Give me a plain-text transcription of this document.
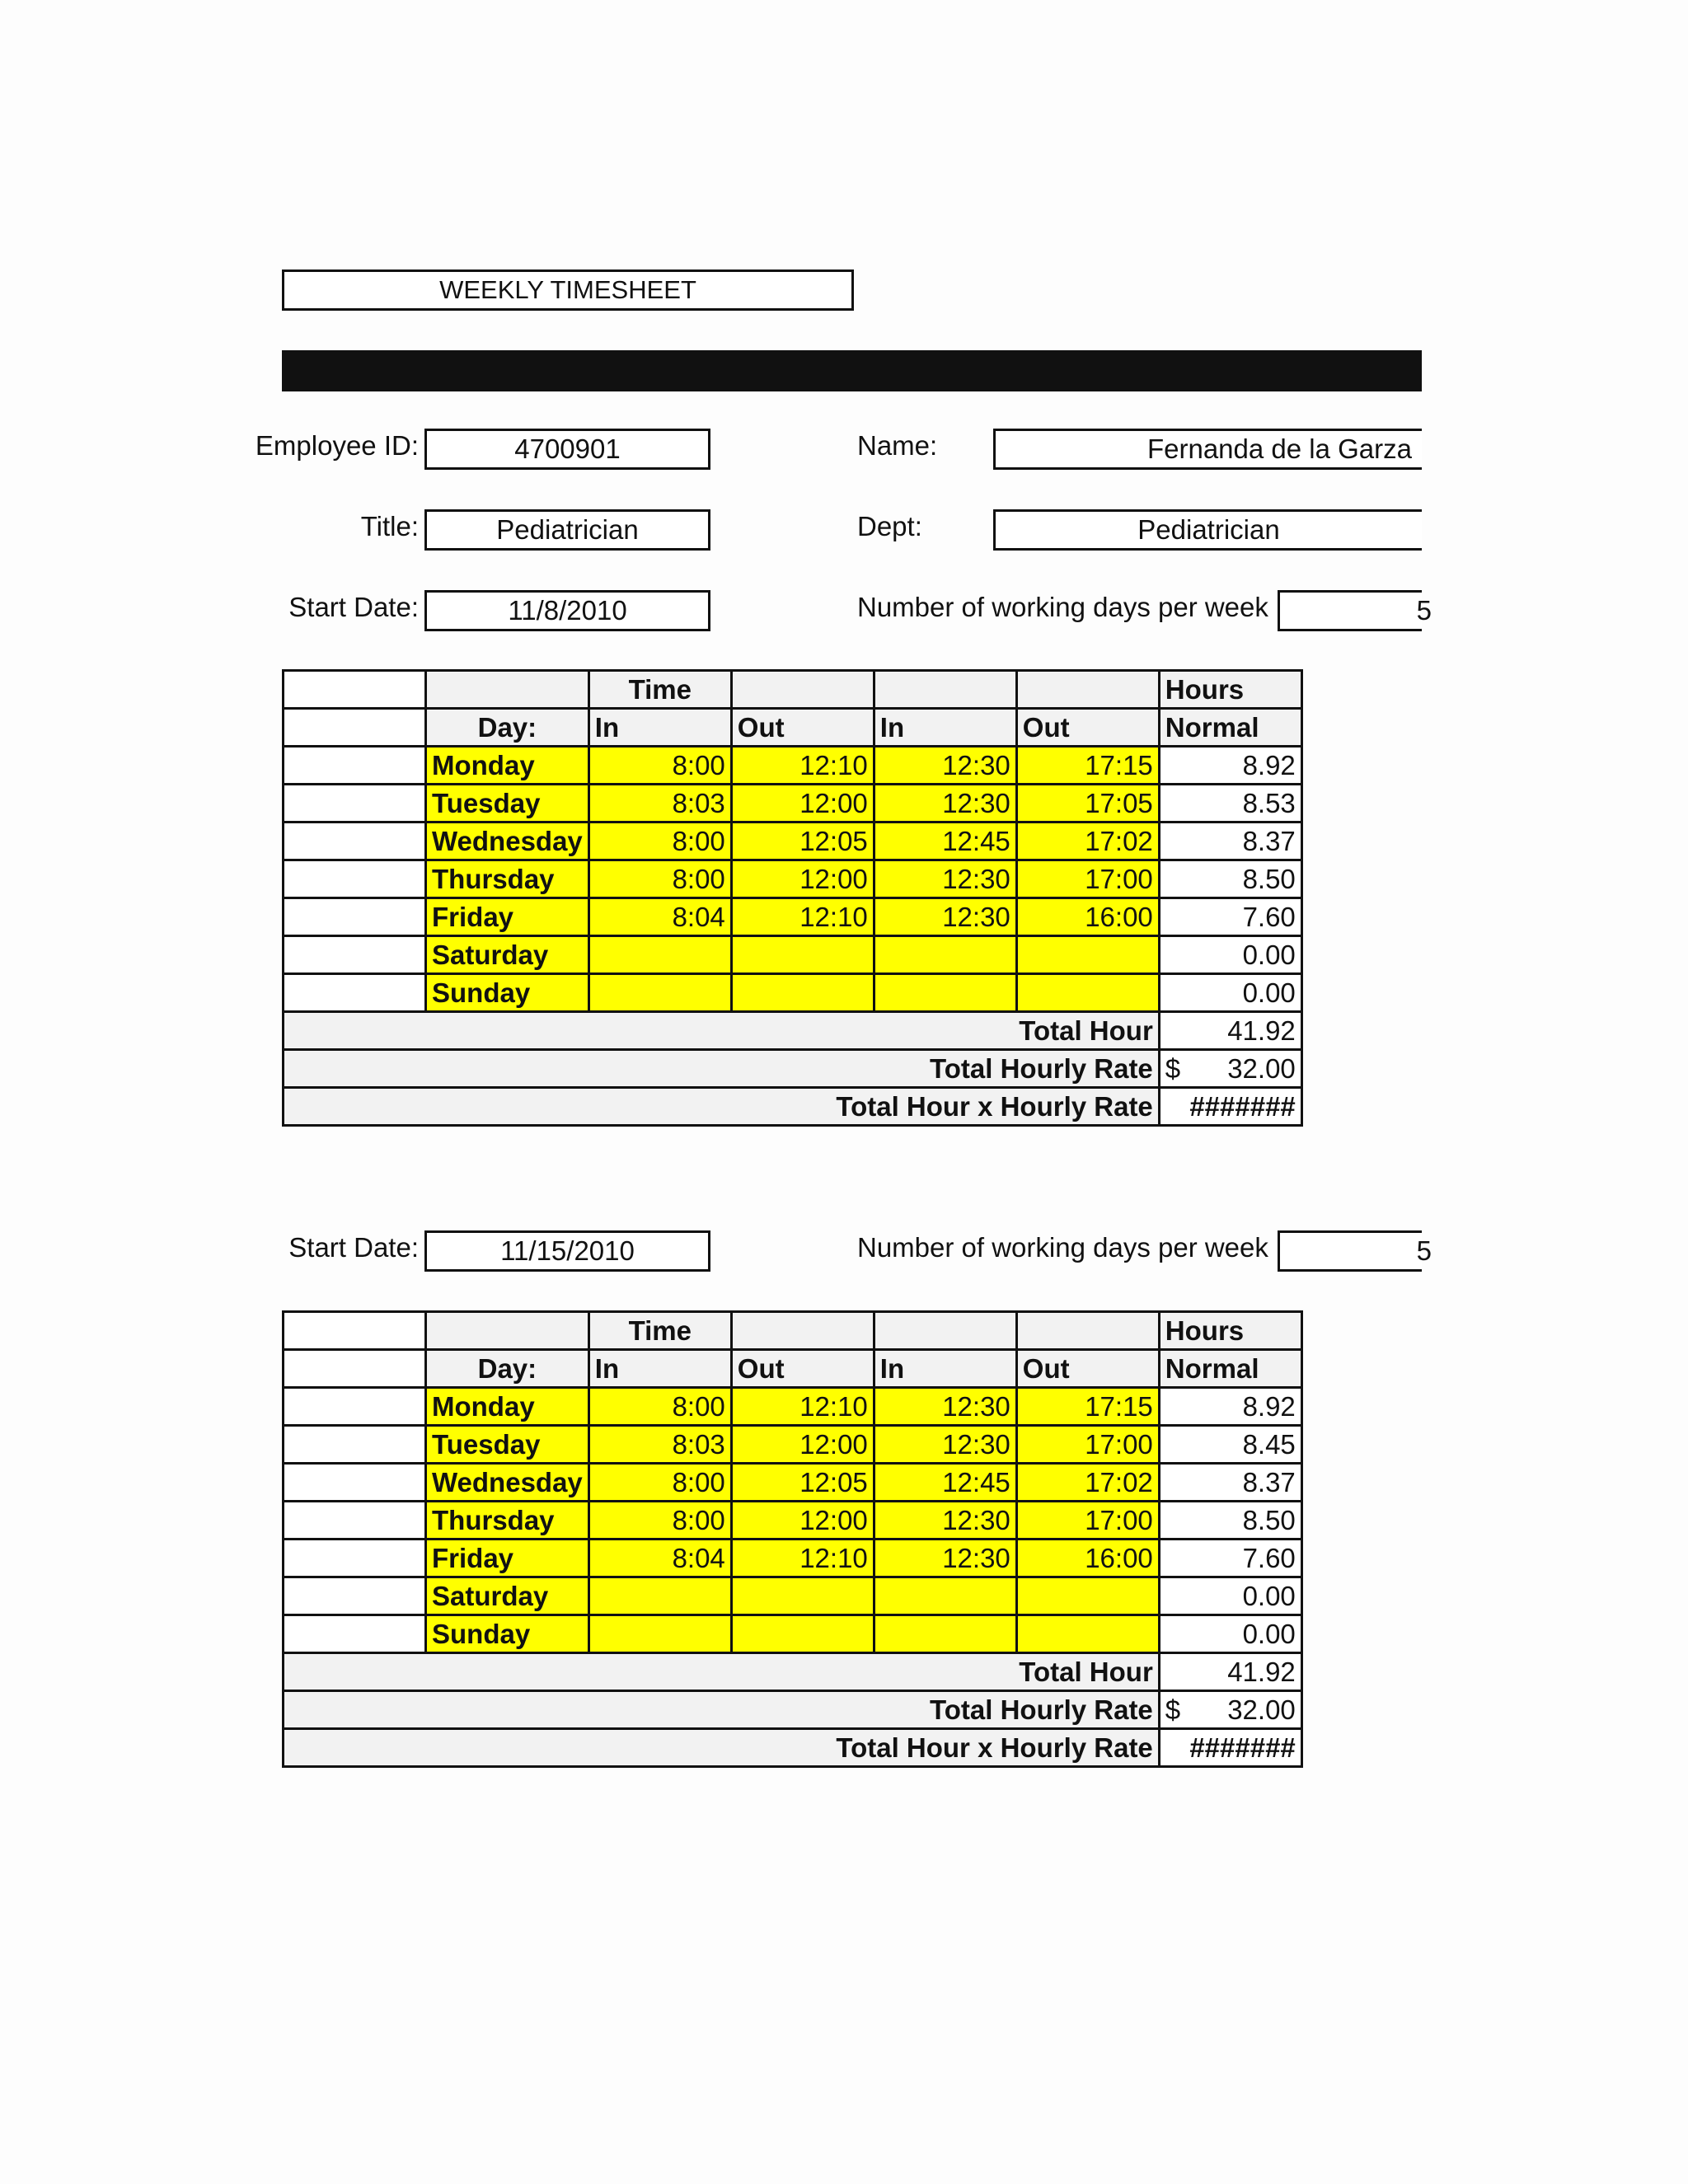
WEEKLY TIMESHEET
Employee ID:	4700901	Name:	Fernanda de la Garza
Title:	Pediatrician	Dept:	Pediatrician
Start Date:	11/8/2010	Number of working days per week	5
		Time				Hours
	Day:	In	Out	In	Out	Normal
	Monday	8:00	12:10	12:30	17:15	8.92
	Tuesday	8:03	12:00	12:30	17:05	8.53
	Wednesday	8:00	12:05	12:45	17:02	8.37
	Thursday	8:00	12:00	12:30	17:00	8.50
	Friday	8:04	12:10	12:30	16:00	7.60
	Saturday					0.00
	Sunday					0.00
Total Hour						41.92
Total Hourly Rate						$ 32.00

Total Hour x Hourly Rate						#######
Start Date:	11/15/2010	Number of working days per week	5
		Time				Hours
	Day:	In	Out	In	Out	Normal
	Monday	8:00	12:10	12:30	17:15	8.92
	Tuesday	8:03	12:00	12:30	17:00	8.45
	Wednesday	8:00	12:05	12:45	17:02	8.37
	Thursday	8:00	12:00	12:30	17:00	8.50
	Friday	8:04	12:10	12:30	16:00	7.60
	Saturday					0.00
	Sunday					0.00
Total Hour						41.92
Total Hourly Rate						$ 32.00

Total Hour x Hourly Rate						#######
